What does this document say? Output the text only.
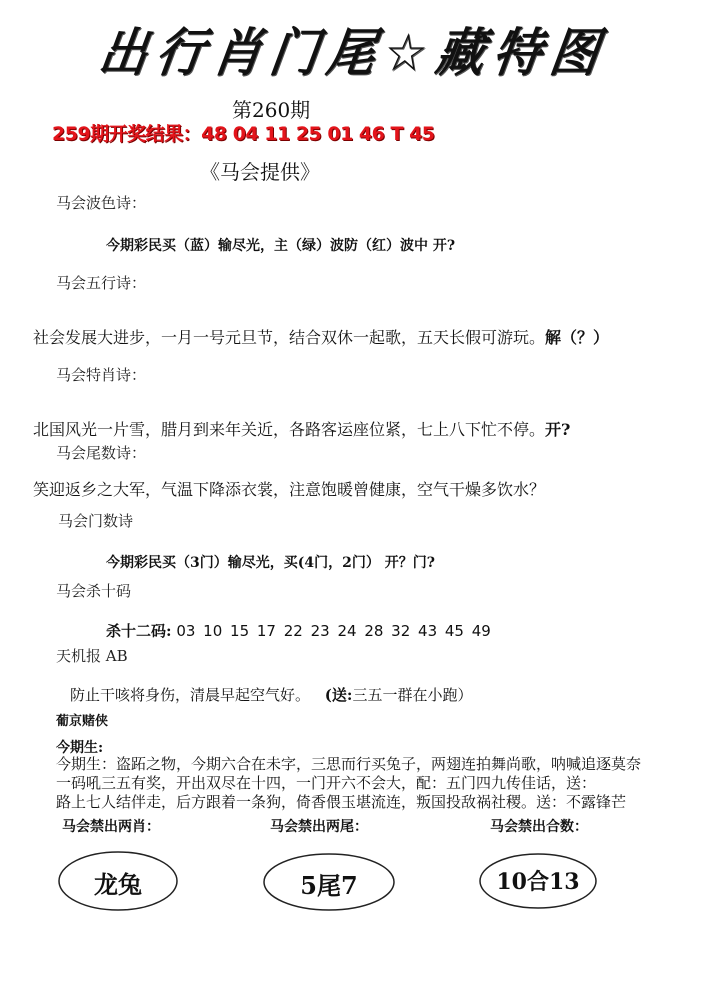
出行肖门尾☆藏特图
第260期
259期开奖结果：48 04 11 25 01 46 T 45
《马会提供》
马会波色诗：
今期彩民买（蓝）输尽光，主（绿）波防（红）波中 开?
马会五行诗：
社会发展大进步，一月一号元旦节，结合双休一起歌，五天长假可游玩。解（？）
马会特肖诗：
北国风光一片雪，腊月到来年关近，各路客运座位紧，七上八下忙不停。开?
马会尾数诗：
笑迎返乡之大军，气温下降添衣裳，注意饱暖曾健康，空气干燥多饮水？
马会门数诗
今期彩民买（3门）输尽光，买(4门，2门） 开？门?
马会杀十码
杀十二码: 03 10 15 17 22 23 24 28 32 43 45 49
天机报 AB
防止干咳将身伤，清晨早起空气好。 (送:三五一群在小跑）
葡京赌侠
今期生:
今期生：盗跖之物，今期六合在未字，三思而行买兔子，两翅连拍舞尚歌，呐喊追逐莫奈
一码吼三五有奖，开出双尽在十四，一门开六不会大，配：五门四九传佳话，送：
路上七人结伴走，后方跟着一条狗，倚香偎玉堪流连，叛国投敌祸社稷。送：不露锋芒
马会禁出两肖：	马会禁出两尾：	马会禁出合数：
龙兔	5尾7	10合13
